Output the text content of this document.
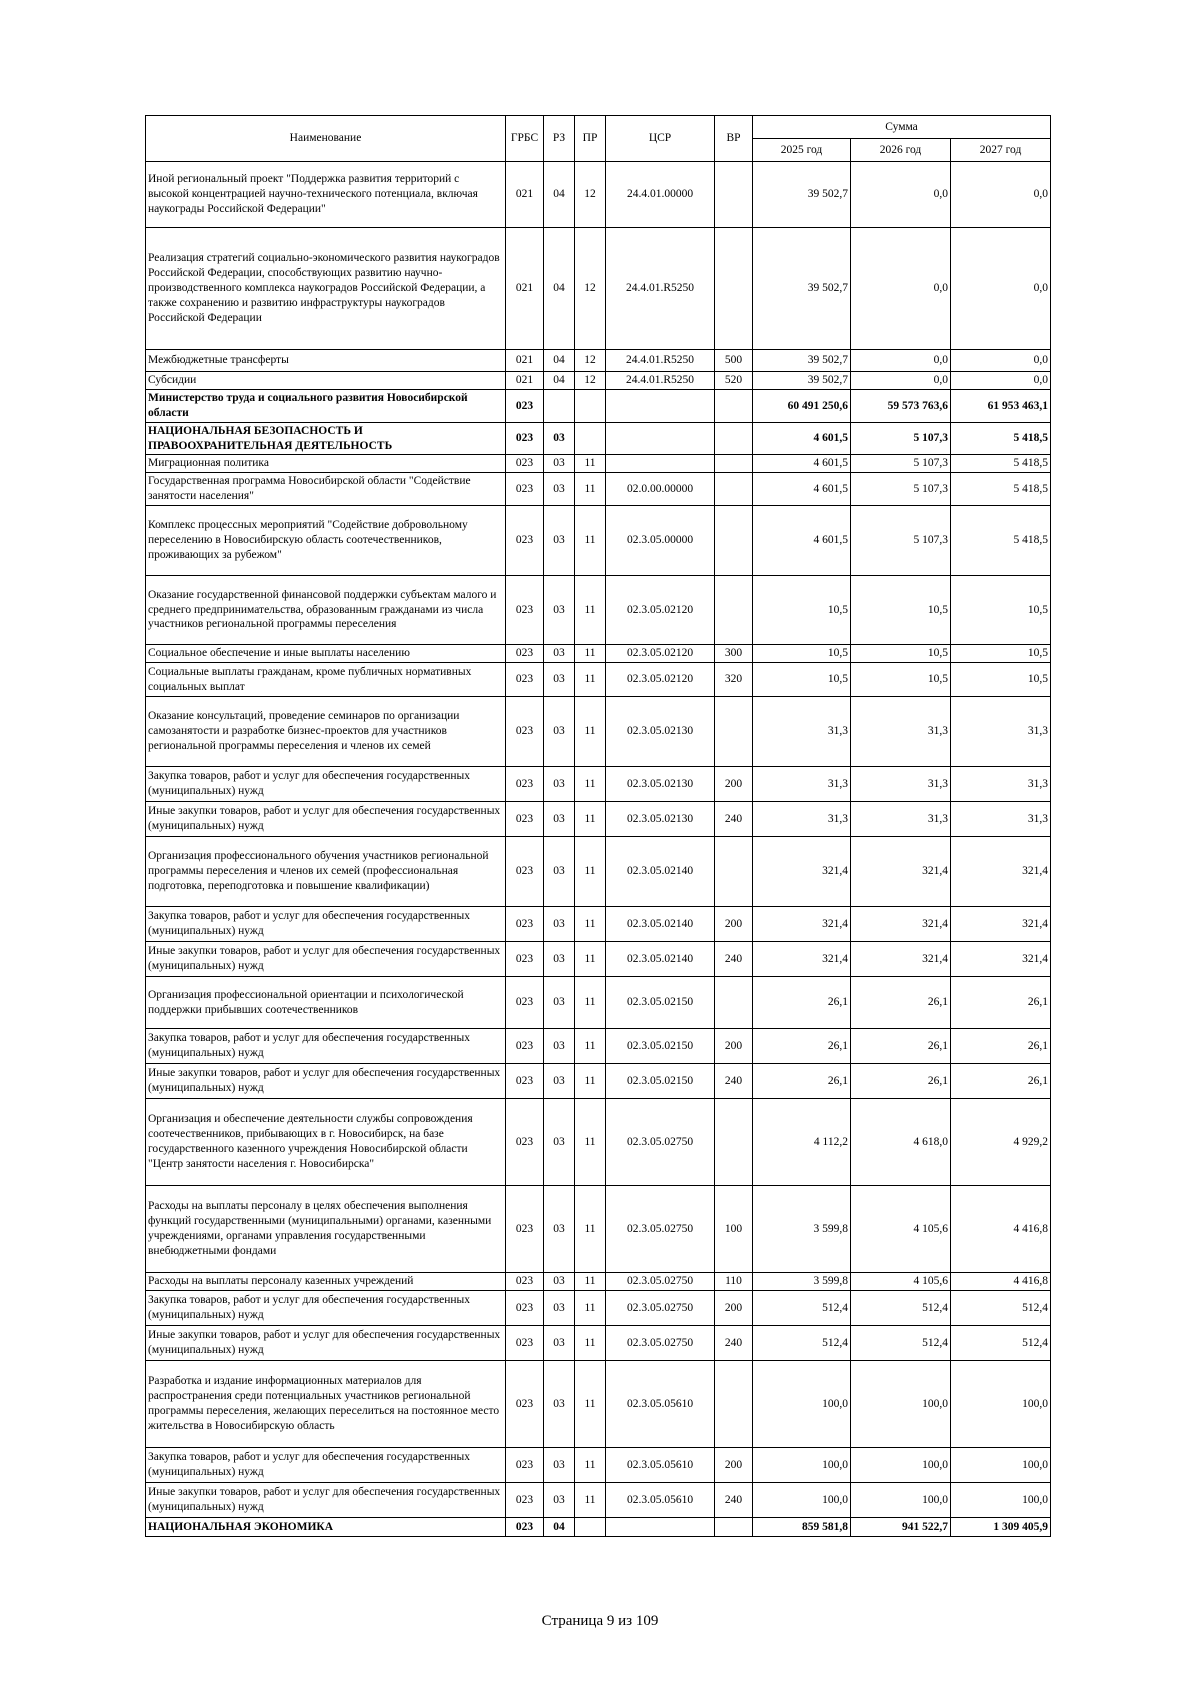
Наименование	ГРБС	РЗ	ПР	ЦСР	ВР	Сумма		
						2025 год	2026 год	2027 год
Иной региональный проект "Поддержка развития территорий с высокой концентрацией научно-технического потенциала, включая наукограды Российской Федерации"	021	04	12	24.4.01.00000		39 502,7	0,0	0,0
Реализация стратегий социально-экономического развития наукоградов Российской Федерации, способствующих развитию научно-производственного комплекса наукоградов Российской Федерации, а также сохранению и развитию инфраструктуры наукоградов Российской Федерации	021	04	12	24.4.01.R5250		39 502,7	0,0	0,0
Межбюджетные трансферты	021	04	12	24.4.01.R5250	500	39 502,7	0,0	0,0
Субсидии	021	04	12	24.4.01.R5250	520	39 502,7	0,0	0,0
Министерство труда и социального развития Новосибирской области	023					60 491 250,6	59 573 763,6	61 953 463,1
НАЦИОНАЛЬНАЯ БЕЗОПАСНОСТЬ И ПРАВООХРАНИТЕЛЬНАЯ ДЕЯТЕЛЬНОСТЬ	023	03				4 601,5	5 107,3	5 418,5
Миграционная политика	023	03	11			4 601,5	5 107,3	5 418,5
Государственная программа Новосибирской области "Содействие занятости населения"	023	03	11	02.0.00.00000		4 601,5	5 107,3	5 418,5
Комплекс процессных мероприятий "Содействие добровольному переселению в Новосибирскую область соотечественников, проживающих за рубежом"	023	03	11	02.3.05.00000		4 601,5	5 107,3	5 418,5
Оказание государственной финансовой поддержки субъектам малого и среднего предпринимательства, образованным гражданами из числа участников региональной программы переселения	023	03	11	02.3.05.02120		10,5	10,5	10,5
Социальное обеспечение и иные выплаты населению	023	03	11	02.3.05.02120	300	10,5	10,5	10,5
Социальные выплаты гражданам, кроме публичных нормативных социальных выплат	023	03	11	02.3.05.02120	320	10,5	10,5	10,5
Оказание консультаций, проведение семинаров по организации самозанятости и разработке бизнес-проектов для участников региональной программы переселения и членов их семей	023	03	11	02.3.05.02130		31,3	31,3	31,3
Закупка товаров, работ и услуг для обеспечения государственных (муниципальных) нужд	023	03	11	02.3.05.02130	200	31,3	31,3	31,3
Иные закупки товаров, работ и услуг для обеспечения государственных (муниципальных) нужд	023	03	11	02.3.05.02130	240	31,3	31,3	31,3
Организация профессионального обучения участников региональной программы переселения и членов их семей (профессиональная подготовка, переподготовка и повышение квалификации)	023	03	11	02.3.05.02140		321,4	321,4	321,4
Закупка товаров, работ и услуг для обеспечения государственных (муниципальных) нужд	023	03	11	02.3.05.02140	200	321,4	321,4	321,4
Иные закупки товаров, работ и услуг для обеспечения государственных (муниципальных) нужд	023	03	11	02.3.05.02140	240	321,4	321,4	321,4
Организация профессиональной ориентации и психологической поддержки прибывших соотечественников	023	03	11	02.3.05.02150		26,1	26,1	26,1
Закупка товаров, работ и услуг для обеспечения государственных (муниципальных) нужд	023	03	11	02.3.05.02150	200	26,1	26,1	26,1
Иные закупки товаров, работ и услуг для обеспечения государственных (муниципальных) нужд	023	03	11	02.3.05.02150	240	26,1	26,1	26,1
Организация и обеспечение деятельности службы сопровождения соотечественников, прибывающих в г. Новосибирск, на базе государственного казенного учреждения Новосибирской области "Центр занятости населения г. Новосибирска"	023	03	11	02.3.05.02750		4 112,2	4 618,0	4 929,2
Расходы на выплаты персоналу в целях обеспечения выполнения функций государственными (муниципальными) органами, казенными учреждениями, органами управления государственными внебюджетными фондами	023	03	11	02.3.05.02750	100	3 599,8	4 105,6	4 416,8
Расходы на выплаты персоналу казенных учреждений	023	03	11	02.3.05.02750	110	3 599,8	4 105,6	4 416,8
Закупка товаров, работ и услуг для обеспечения государственных (муниципальных) нужд	023	03	11	02.3.05.02750	200	512,4	512,4	512,4
Иные закупки товаров, работ и услуг для обеспечения государственных (муниципальных) нужд	023	03	11	02.3.05.02750	240	512,4	512,4	512,4
Разработка и издание информационных материалов для распространения среди потенциальных участников региональной программы переселения, желающих переселиться на постоянное место жительства в Новосибирскую область	023	03	11	02.3.05.05610		100,0	100,0	100,0
Закупка товаров, работ и услуг для обеспечения государственных (муниципальных) нужд	023	03	11	02.3.05.05610	200	100,0	100,0	100,0
Иные закупки товаров, работ и услуг для обеспечения государственных (муниципальных) нужд	023	03	11	02.3.05.05610	240	100,0	100,0	100,0
НАЦИОНАЛЬНАЯ ЭКОНОМИКА	023	04				859 581,8	941 522,7	1 309 405,9
Страница 9 из 109
